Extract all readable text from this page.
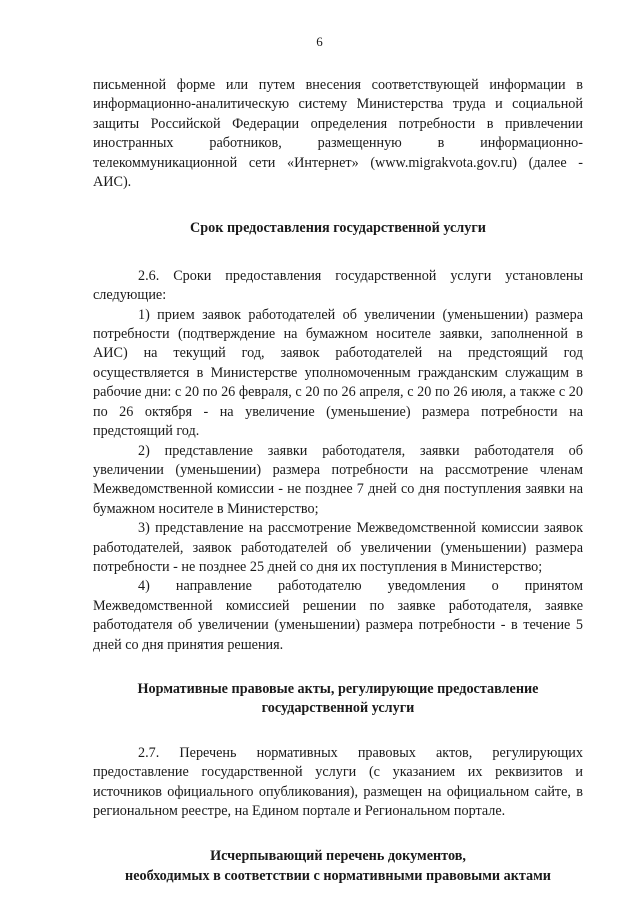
6

письменной форме или путем внесения соответствующей информации в информационно-аналитическую систему Министерства труда и социальной защиты Российской Федерации определения потребности в привлечении иностранных работников, размещенную в информационно-телекоммуникационной сети «Интернет» (www.migrakvota.gov.ru) (далее - АИС).

Срок предоставления государственной услуги

2.6. Сроки предоставления государственной услуги установлены следующие:

1) прием заявок работодателей об увеличении (уменьшении) размера потребности (подтверждение на бумажном носителе заявки, заполненной в АИС) на текущий год, заявок работодателей на предстоящий год осуществляется в Министерстве уполномоченным гражданским служащим в рабочие дни: с 20 по 26 февраля, с 20 по 26 апреля, с 20 по 26 июля, а также с 20 по 26 октября - на увеличение (уменьшение) размера потребности на предстоящий год.

2) представление заявки работодателя, заявки работодателя об увеличении (уменьшении) размера потребности на рассмотрение членам Межведомственной комиссии - не позднее 7 дней со дня поступления заявки на бумажном носителе в Министерство;

3) представление на рассмотрение Межведомственной комиссии заявок работодателей, заявок работодателей об увеличении (уменьшении) размера потребности - не позднее 25 дней со дня их поступления в Министерство;

4) направление работодателю уведомления о принятом Межведомственной комиссией решении по заявке работодателя, заявке работодателя об увеличении (уменьшении) размера потребности - в течение 5 дней со дня принятия решения.

Нормативные правовые акты, регулирующие предоставление
государственной услуги

2.7. Перечень нормативных правовых актов, регулирующих предоставление государственной услуги (с указанием их реквизитов и источников официального опубликования), размещен на официальном сайте, в региональном реестре, на Едином портале и Региональном портале.

Исчерпывающий перечень документов,
необходимых в соответствии с нормативными правовыми актами
